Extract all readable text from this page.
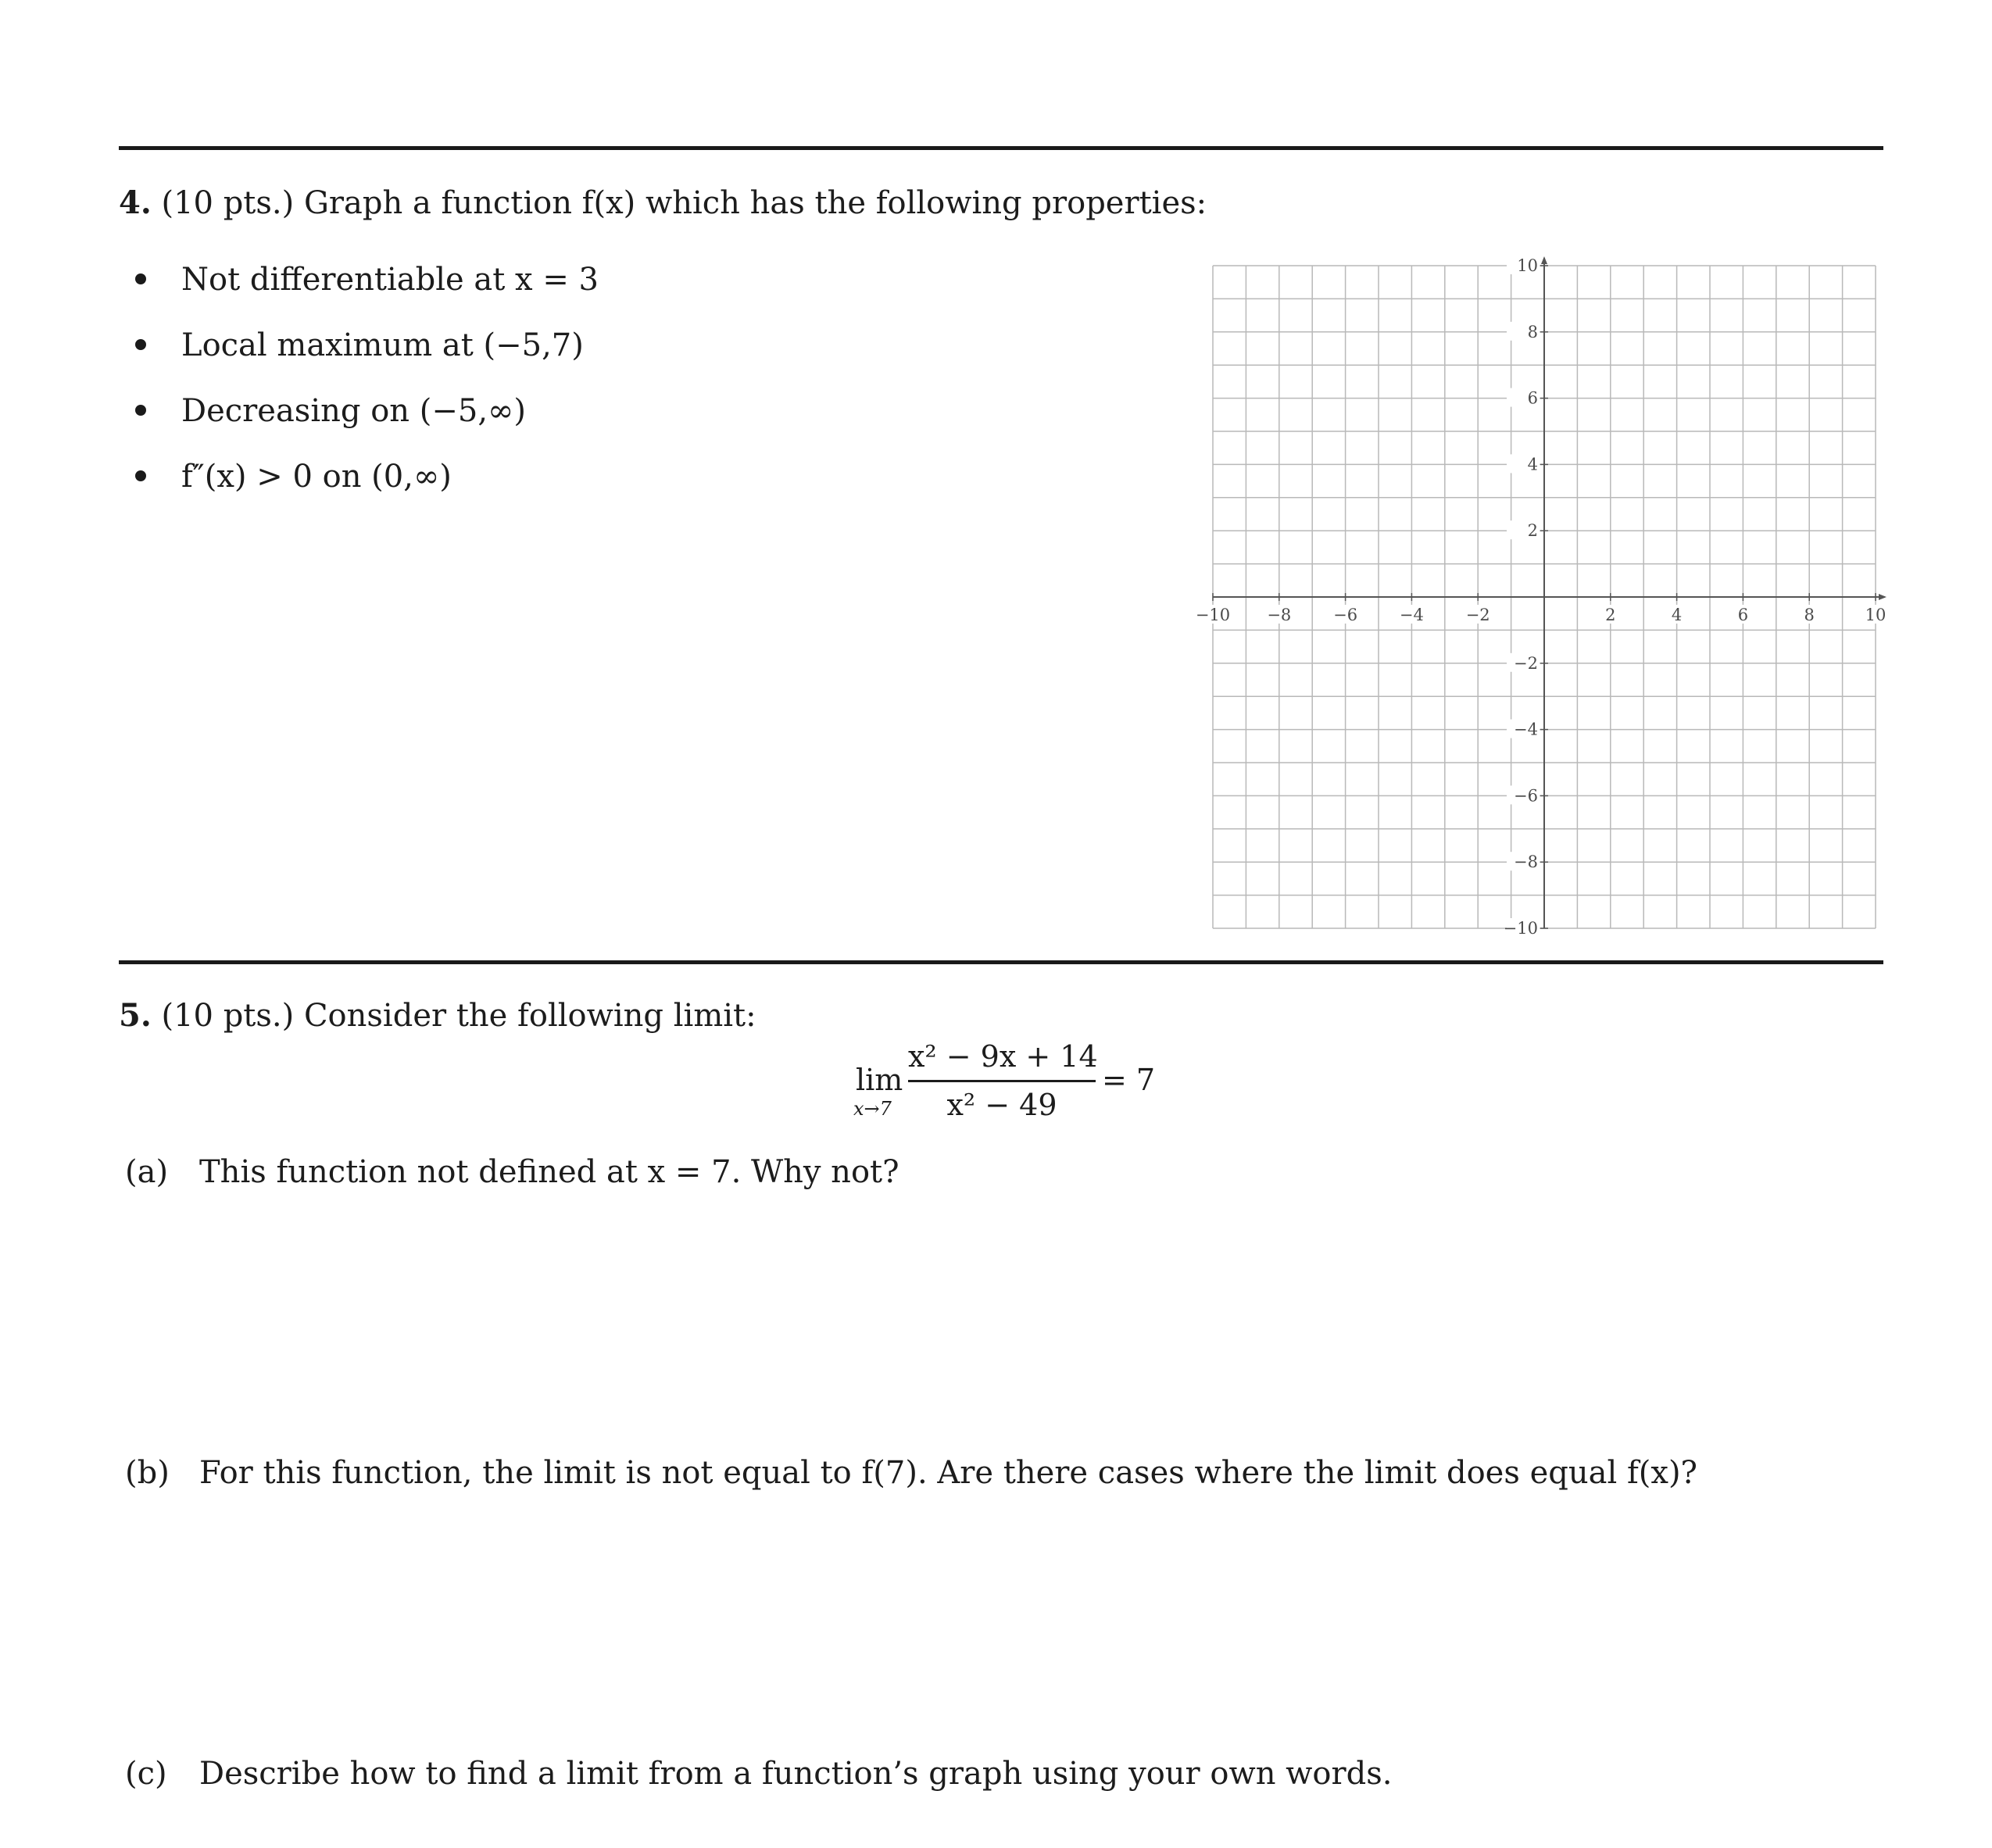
4. (10 pts.) Graph a function f(x) which has the following properties:
Not differentiable at x = 3
Local maximum at (−5,7)
Decreasing on (−5,∞)
f″(x) > 0 on (0,∞)
−10 −8	−6	−4	−2	2	4	6	8	10
10
8
6
4
2
−2
−4
−6
−8
−10
5. (10 pts.) Consider the following limit:
lim
x→7
x² − 9x + 14
x² − 49
= 7
(a) This function not defined at x = 7. Why not?
(b) For this function, the limit is not equal to f(7). Are there cases where the limit does equal f(x)?
(c) Describe how to find a limit from a function’s graph using your own words.
